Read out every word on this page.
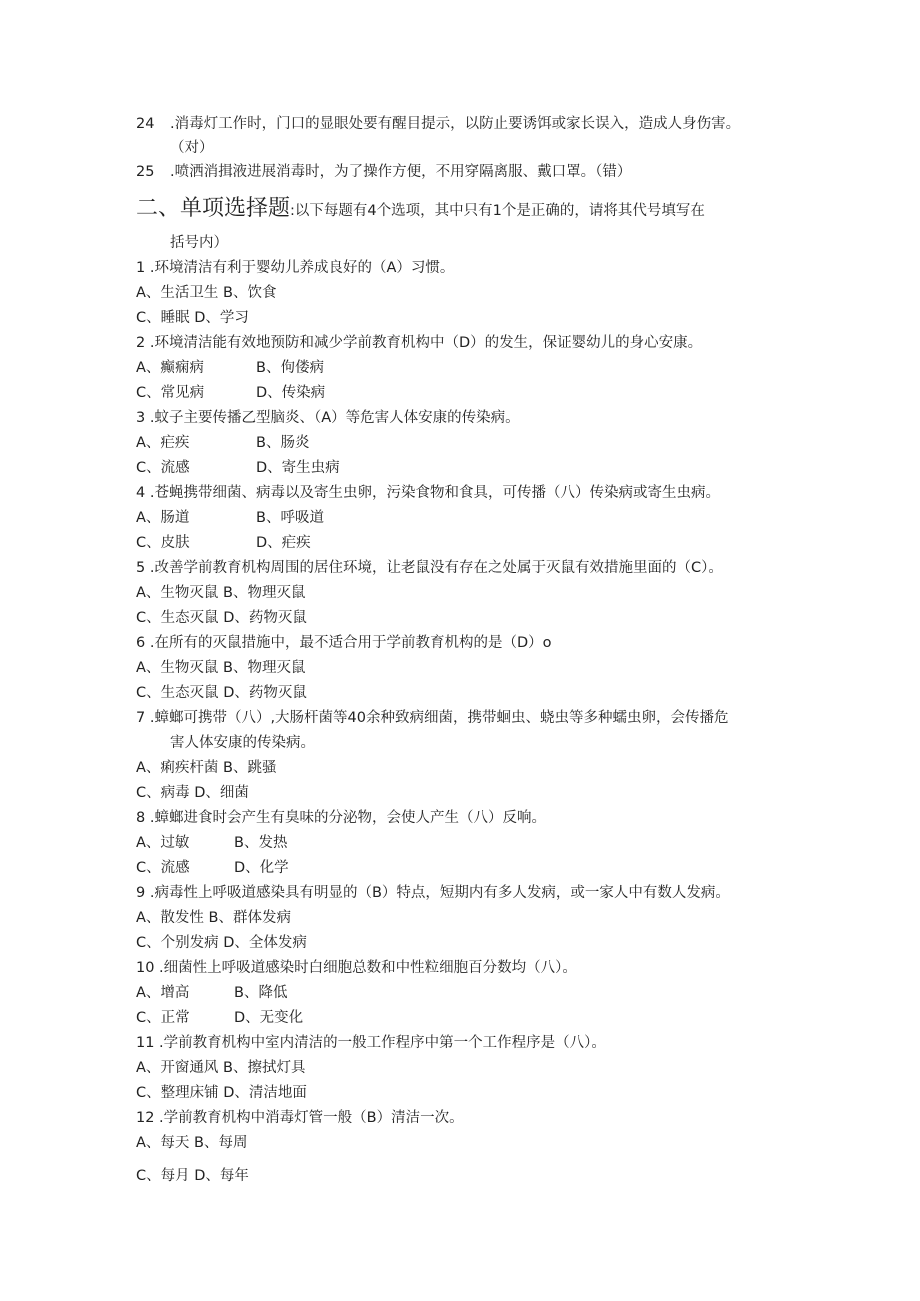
24 .消毒灯工作时，门口的显眼处要有醒目提示，以防止要诱饵或家长误入，造成人身伤害。
（对）
25 .喷洒消揖液进展消毒时，为了操作方便，不用穿隔离服、戴口罩。（错）
二、单项选择题:以下每题有4个选项，其中只有1个是正确的，请将其代号填写在
括号内）
1 .环境清洁有利于婴幼儿养成良好的（A）习惯。
A、生活卫生 B、饮食
C、睡眠 D、学习
2 .环境清洁能有效地预防和减少学前教育机构中（D）的发生，保证婴幼儿的身心安康。
A、癫痫病	B、佝偻病
C、常见病	D、传染病
3 .蚊子主要传播乙型脑炎、（A）等危害人体安康的传染病。
A、疟疾	B、肠炎
C、流感	D、寄生虫病
4 .苍蝇携带细菌、病毒以及寄生虫卵，污染食物和食具，可传播（八）传染病或寄生虫病。
A、肠道	B、呼吸道
C、皮肤	D、疟疾
5 .改善学前教育机构周围的居住环境，让老鼠没有存在之处属于灭鼠有效措施里面的（C）。
A、生物灭鼠 B、物理灭鼠
C、生态灭鼠 D、药物灭鼠
6 .在所有的灭鼠措施中，最不适合用于学前教育机构的是（D）o
A、生物灭鼠 B、物理灭鼠
C、生态灭鼠 D、药物灭鼠
7 .蟑螂可携带（八）,大肠杆菌等40余种致病细菌，携带蛔虫、蛲虫等多种蠕虫卵，会传播危
害人体安康的传染病。
A、痢疾杆菌 B、跳骚
C、病毒 D、细菌
8 .蟑螂进食时会产生有臭味的分泌物，会使人产生（八）反响。
A、过敏	B、发热
C、流感	D、化学
9 .病毒性上呼吸道感染具有明显的（B）特点，短期内有多人发病，或一家人中有数人发病。
A、散发性 B、群体发病
C、个别发病 D、全体发病
10 .细菌性上呼吸道感染时白细胞总数和中性粒细胞百分数均（八）。
A、增高	B、降低
C、正常	D、无变化
11 .学前教育机构中室内清洁的一般工作程序中第一个工作程序是（八）。
A、开窗通风 B、擦拭灯具
C、整理床铺 D、清洁地面
12 .学前教育机构中消毒灯管一般（B）清洁一次。
A、每天 B、每周
C、每月 D、每年
